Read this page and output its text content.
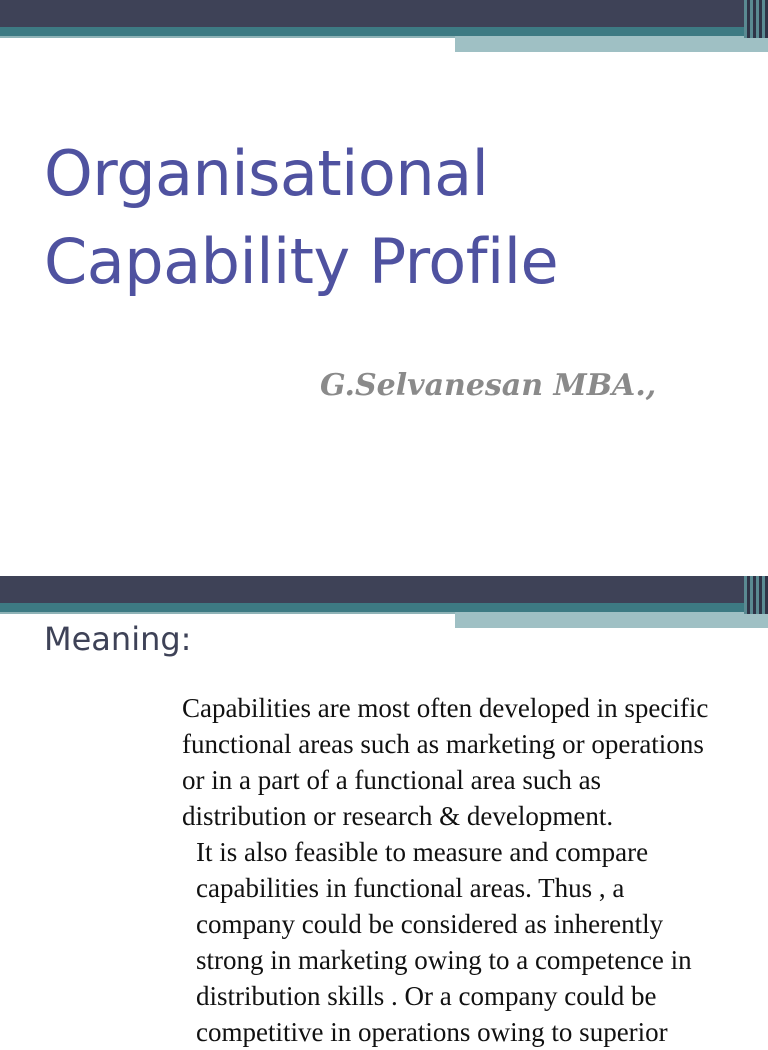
Organisational
Capability Profile
G.Selvanesan MBA.,
Meaning:

Capabilities are most often developed in specific functional areas such as marketing or operations or in a part of a functional area such as distribution or research & development.

It is also feasible to measure and compare capabilities in functional areas. Thus , a company could be considered as inherently strong in marketing owing to a competence in distribution skills . Or a company could be competitive in operations owing to superior
